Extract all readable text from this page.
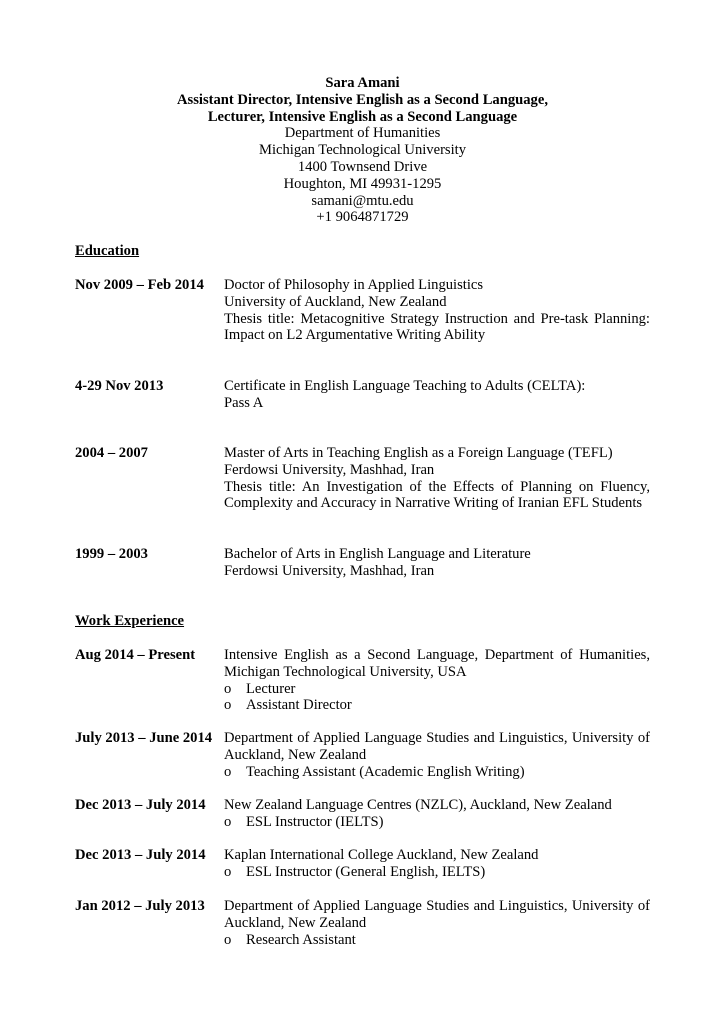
Sara Amani
Assistant Director, Intensive English as a Second Language,
Lecturer, Intensive English as a Second Language
Department of Humanities
Michigan Technological University
1400 Townsend Drive
Houghton, MI 49931-1295
samani@mtu.edu
+1 9064871729
Education
Nov 2009 – Feb 2014 Doctor of Philosophy in Applied Linguistics
University of Auckland, New Zealand
Thesis title: Metacognitive Strategy Instruction and Pre-task Planning:
Impact on L2 Argumentative Writing Ability
4-29 Nov 2013	Certificate in English Language Teaching to Adults (CELTA):
Pass A
2004 – 2007	Master of Arts in Teaching English as a Foreign Language (TEFL)
Ferdowsi University, Mashhad, Iran
Thesis title: An Investigation of the Effects of Planning on Fluency,
Complexity and Accuracy in Narrative Writing of Iranian EFL Students
1999 – 2003	Bachelor of Arts in English Language and Literature
Ferdowsi University, Mashhad, Iran
Work Experience
Aug 2014 – Present Intensive English as a Second Language, Department of Humanities,
Michigan Technological University, USA
o Lecturer
o Assistant Director
July 2013 – June 2014 Department of Applied Language Studies and Linguistics, University of
Auckland, New Zealand
o Teaching Assistant (Academic English Writing)
Dec 2013 – July 2014 New Zealand Language Centres (NZLC), Auckland, New Zealand
o ESL Instructor (IELTS)
Dec 2013 – July 2014 Kaplan International College Auckland, New Zealand
o ESL Instructor (General English, IELTS)
Jan 2012 – July 2013 Department of Applied Language Studies and Linguistics, University of
Auckland, New Zealand
o Research Assistant
